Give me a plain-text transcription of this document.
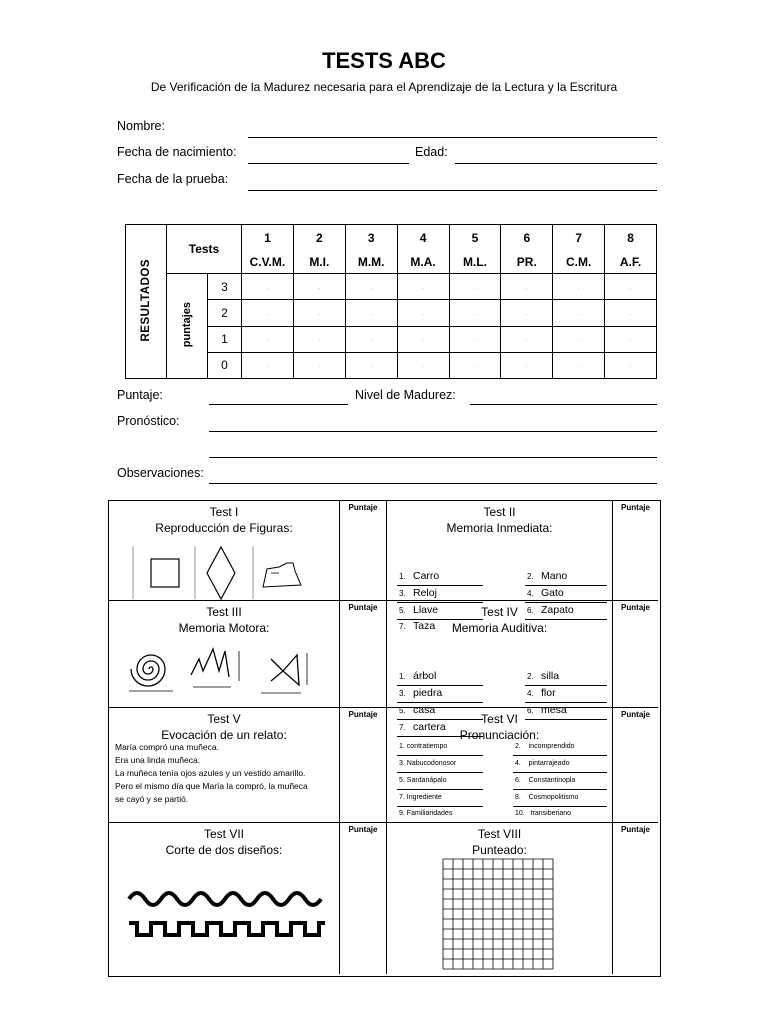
TESTS ABC
De Verificación de la Madurez necesaria para el Aprendizaje de la Lectura y la Escritura
Nombre:
Fecha de nacimiento:	Edad:
Fecha de la prueba:
RESULTADOS	Tests		1	2	3	4	5	6	7	8
			C.V.M.	M.I.	M.M.	M.A.	M.L.	PR.	C.M.	A.F.
	puntajes	3	·	·	·	·	·	·	·	·
		2	·	·	·	·	·	·	·	·
		1	·	·	·	·	·	·	·	·
		0	·	·	·	·	·	·	·	·
Puntaje:	Nivel de Madurez:
Pronóstico:
Observaciones:
Test I
Reproducción de Figuras:
Puntaje	Test II
Memoria Inmediata:
1. Carro	2. Mano
3. Reloj	4. Gato
5. Llave	6. Zapato
7. Taza
Puntaje
Test III
Memoria Motora:
Puntaje	Test IV
Memoria Auditiva:
1. árbol	2. silla
3. piedra	4. flor
5. casa	6. mesa
7. cartera
Puntaje
Test V
Evocación de un relato:
María compró una muñeca.
Era una linda muñeca.
La muñeca tenía ojos azules y un vestido amarillo.
Pero el mismo día que María la compró, la muñeca
se cayó y se partió.
Puntaje	Test VI
Pronunciación:
1. contratiempo	2. incomprendido
3. Nabucodonosor	4. pintarrajeado
5. Sardanápalo	6. Constantinopla
7. Ingrediente	8. Cosmopolitismo
9. Familiaridades	10. transiberiano
Puntaje
Test VII
Corte de dos diseños:
Puntaje	Test VIII
Punteado:
Puntaje
